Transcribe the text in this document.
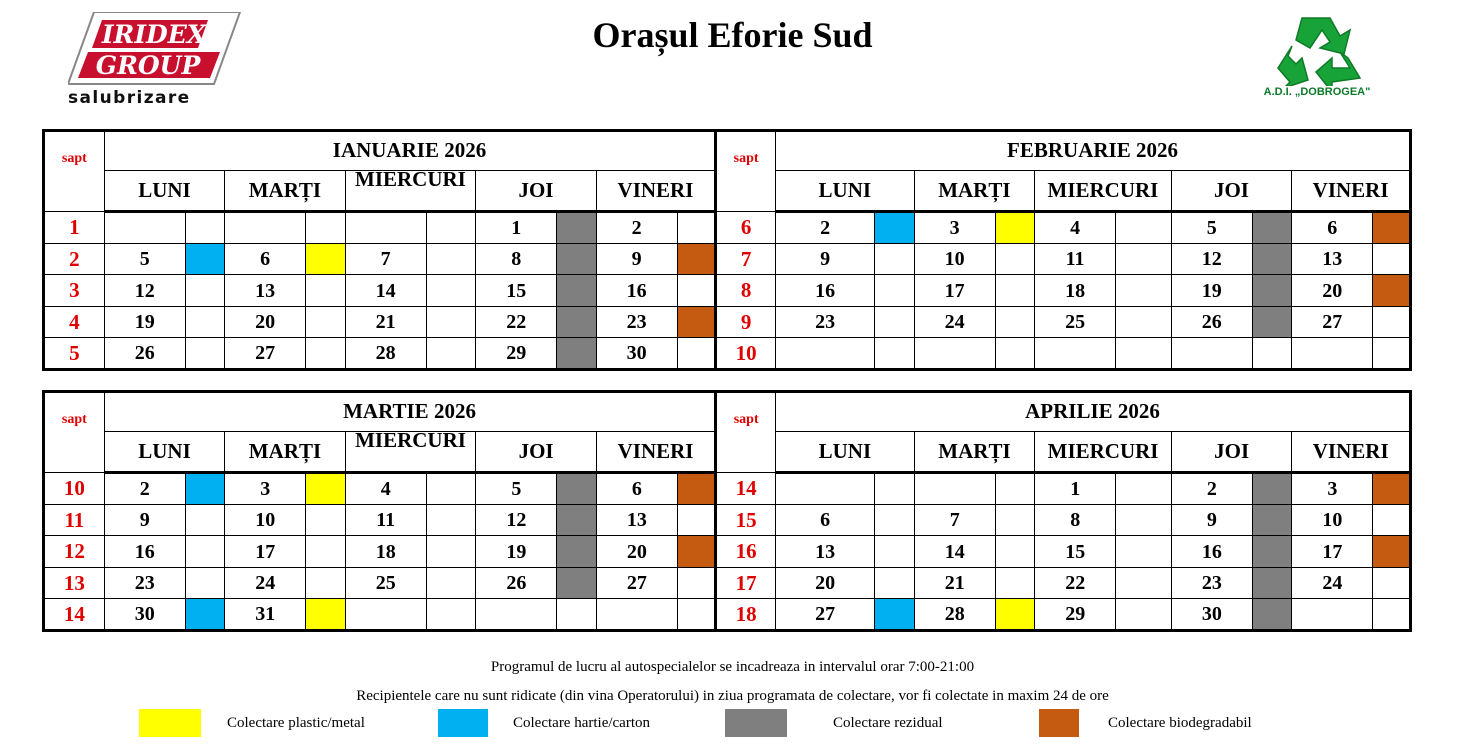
IRIDEX
GROUP
salubrizare
Orașul Eforie Sud
A.D.I. „DOBROGEA"
sapt	IANUARIE 2026										sapt	FEBRUARIE 2026									
	LUNI		MARȚI		MIERCURI		JOI		VINERI			LUNI		MARȚI		MIERCURI		JOI		VINERI	
1							1		2		6	2		3		4		5		6	
2	5		6		7		8		9		7	9		10		11		12		13	
3	12		13		14		15		16		8	16		17		18		19		20	
4	19		20		21		22		23		9	23		24		25		26		27	
5	26		27		28		29		30		10										
sapt	MARTIE 2026										sapt	APRILIE 2026									
	LUNI		MARȚI		MIERCURI		JOI		VINERI			LUNI		MARȚI		MIERCURI		JOI		VINERI	
10	2		3		4		5		6		14					1		2		3	
11	9		10		11		12		13		15	6		7		8		9		10	
12	16		17		18		19		20		16	13		14		15		16		17	
13	23		24		25		26		27		17	20		21		22		23		24	
14	30		31								18	27		28		29		30			
Programul de lucru al autospecialelor se incadreaza in intervalul orar 7:00-21:00
Recipientele care nu sunt ridicate (din vina Operatorului) in ziua programata de colectare, vor fi colectate in maxim 24 de ore
Colectare plastic/metal	Colectare hartie/carton	Colectare rezidual	Colectare biodegradabil
